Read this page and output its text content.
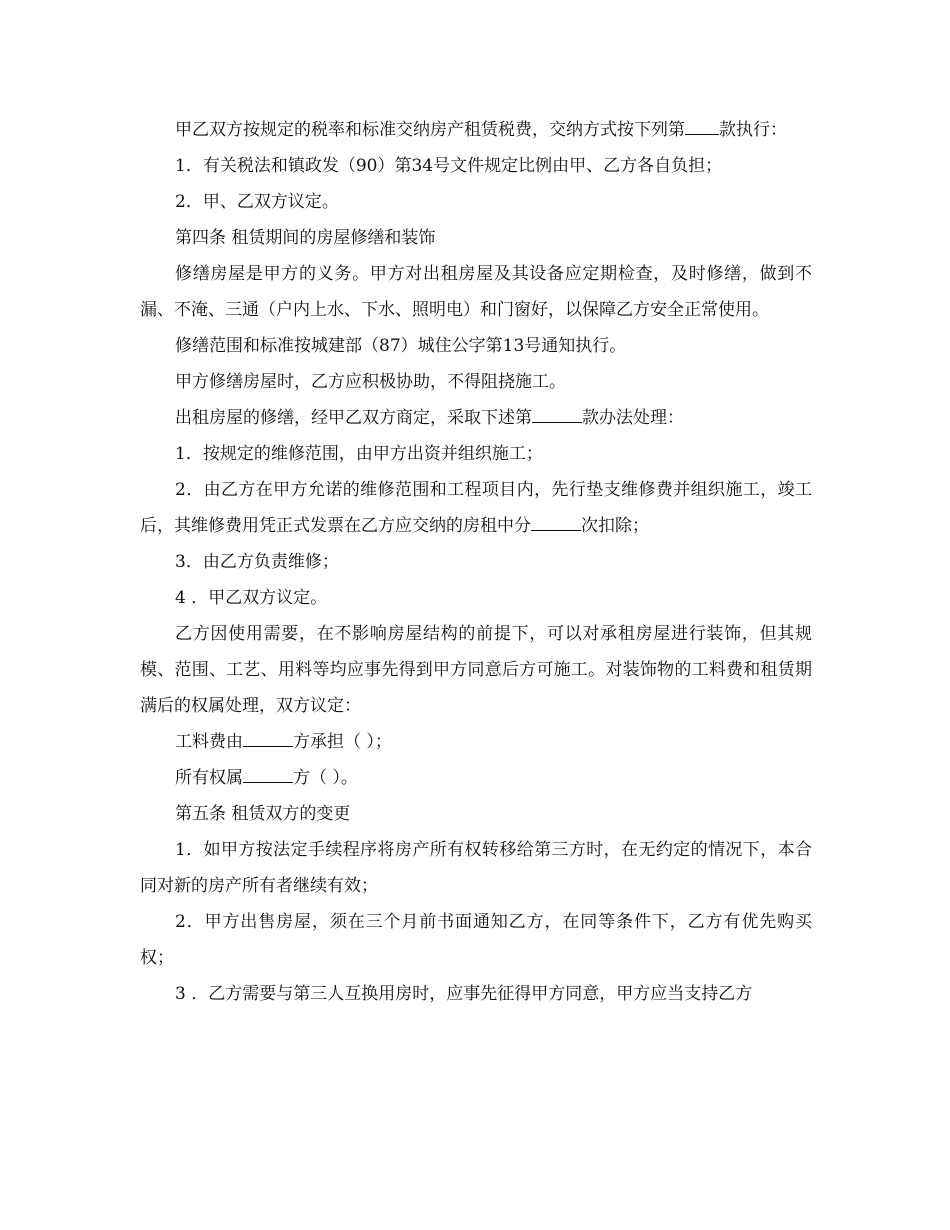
甲乙双方按规定的税率和标准交纳房产租赁税费，交纳方式按下列第 款执行：
1．有关税法和镇政发（90）第34号文件规定比例由甲、乙方各自负担；
2．甲、乙双方议定。
第四条 租赁期间的房屋修缮和装饰
修缮房屋是甲方的义务。甲方对出租房屋及其设备应定期检查，及时修缮，做到不漏、不淹、三通（户内上水、下水、照明电）和门窗好，以保障乙方安全正常使用。
修缮范围和标准按城建部（87）城住公字第13号通知执行。
甲方修缮房屋时，乙方应积极协助，不得阻挠施工。
出租房屋的修缮，经甲乙双方商定，采取下述第	款办法处理：
1．按规定的维修范围，由甲方出资并组织施工；
2．由乙方在甲方允诺的维修范围和工程项目内，先行垫支维修费并组织施工，竣工后，其维修费用凭正式发票在乙方应交纳的房租中分	次扣除；
3．由乙方负责维修；
4 ．甲乙双方议定。
乙方因使用需要，在不影响房屋结构的前提下，可以对承租房屋进行装饰，但其规模、范围、工艺、用料等均应事先得到甲方同意后方可施工。对装饰物的工料费和租赁期满后的权属处理，双方议定：
工料费由	方承担（ ）；
所有权属	方（ ）。
第五条 租赁双方的变更
1．如甲方按法定手续程序将房产所有权转移给第三方时，在无约定的情况下，本合同对新的房产所有者继续有效；
2．甲方出售房屋，须在三个月前书面通知乙方，在同等条件下，乙方有优先购买权；
3 ．乙方需要与第三人互换用房时，应事先征得甲方同意，甲方应当支持乙方
